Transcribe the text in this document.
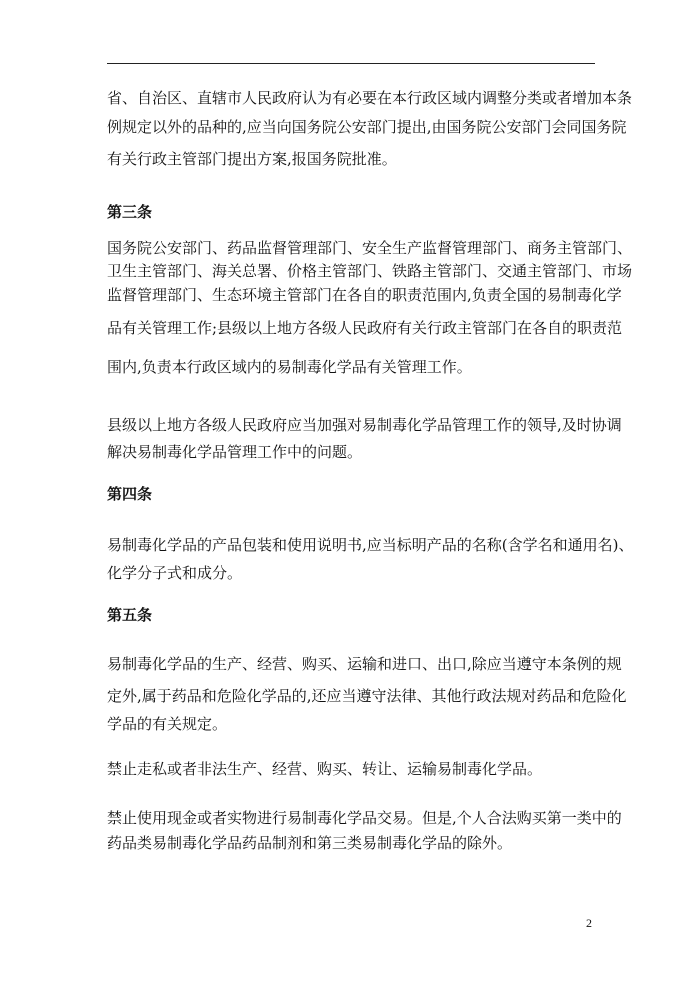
省、自治区、直辖市人民政府认为有必要在本行政区域内调整分类或者增加本条
例规定以外的品种的,应当向国务院公安部门提出,由国务院公安部门会同国务院
有关行政主管部门提出方案,报国务院批准。
第三条
国务院公安部门、药品监督管理部门、安全生产监督管理部门、商务主管部门、
卫生主管部门、海关总署、价格主管部门、铁路主管部门、交通主管部门、市场
监督管理部门、生态环境主管部门在各自的职责范围内,负责全国的易制毒化学
品有关管理工作;县级以上地方各级人民政府有关行政主管部门在各自的职责范
围内,负责本行政区域内的易制毒化学品有关管理工作。
县级以上地方各级人民政府应当加强对易制毒化学品管理工作的领导,及时协调
解决易制毒化学品管理工作中的问题。
第四条
易制毒化学品的产品包装和使用说明书,应当标明产品的名称(含学名和通用名)、
化学分子式和成分。
第五条
易制毒化学品的生产、经营、购买、运输和进口、出口,除应当遵守本条例的规
定外,属于药品和危险化学品的,还应当遵守法律、其他行政法规对药品和危险化
学品的有关规定。
禁止走私或者非法生产、经营、购买、转让、运输易制毒化学品。
禁止使用现金或者实物进行易制毒化学品交易。但是,个人合法购买第一类中的
药品类易制毒化学品药品制剂和第三类易制毒化学品的除外。
2
